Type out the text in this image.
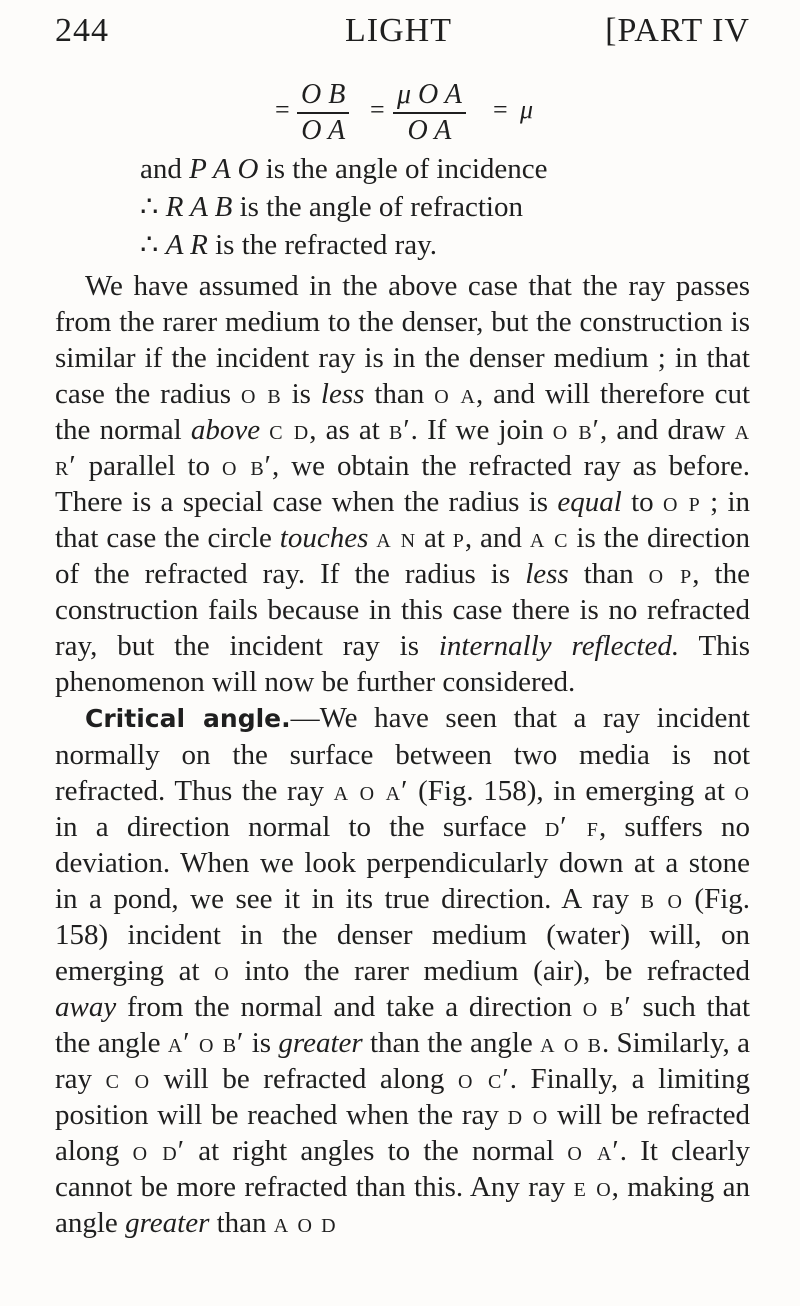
244	LIGHT	[PART IV
= $\frac{\text{O B}}{\text{O A}} = \frac{\text{μ O A}}{\text{O A}} = \mu$
and P A O is the angle of incidence
∴ R A B is the angle of refraction
∴ A R is the refracted ray.

We have assumed in the above case that the ray passes from the rarer medium to the denser, but the construction is similar if the incident ray is in the denser medium ; in that case the radius o b is less than o a, and will therefore cut the normal above c d, as at b′. If we join o b′, and draw a r′ parallel to o b′, we obtain the refracted ray as before. There is a special case when the radius is equal to o p ; in that case the circle touches a n at p, and a c is the direction of the refracted ray. If the radius is less than o p, the construction fails because in this case there is no refracted ray, but the incident ray is internally reflected. This phenomenon will now be further considered.

Critical angle.—We have seen that a ray incident normally on the surface between two media is not refracted. Thus the ray a o a′ (Fig. 158), in emerging at o in a direction normal to the surface d′ f, suffers no deviation. When we look perpendicularly down at a stone in a pond, we see it in its true direction. A ray b o (Fig. 158) incident in the denser medium (water) will, on emerging at o into the rarer medium (air), be refracted away from the normal and take a direction o b′ such that the angle a′ o b′ is greater than the angle a o b. Similarly, a ray c o will be refracted along o c′. Finally, a limiting position will be reached when the ray d o will be refracted along o d′ at right angles to the normal o a′. It clearly cannot be more refracted than this. Any ray e o, making an angle greater than a o d
